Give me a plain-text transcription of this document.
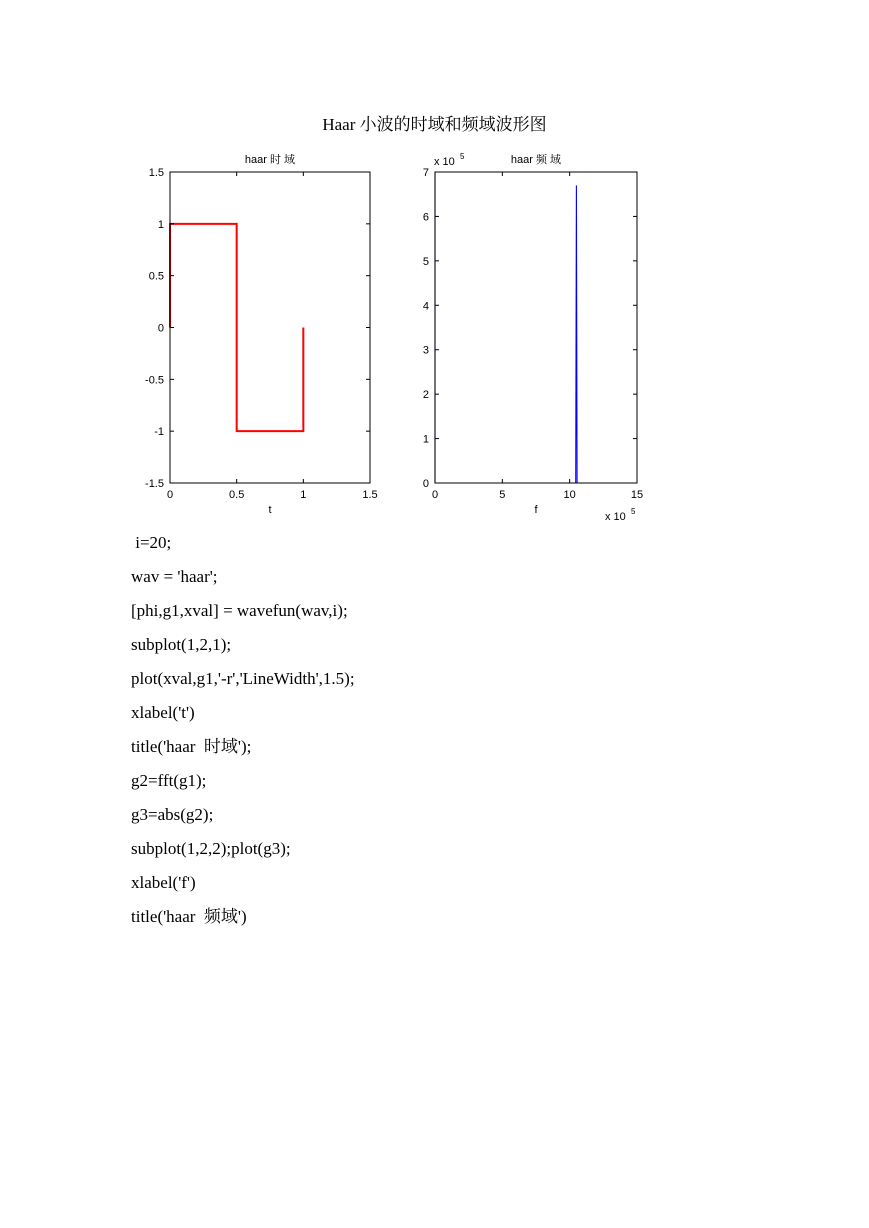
Haar 小波的时域和频域波形图
0	0.5	1	1.5
-1.5
-1
-0.5
0
0.5
1
1.5
haar 时 域
t
0	5	10	15
0
1
2
3
4
5
6
7
haar 频 域
f
x 10 5
x 10 5
i=20;
wav = 'haar';
[phi,g1,xval] = wavefun(wav,i);
subplot(1,2,1);
plot(xval,g1,'-r','LineWidth',1.5);
xlabel('t')
title('haar  时域');
g2=fft(g1);
g3=abs(g2);
subplot(1,2,2);plot(g3);
xlabel('f')
title('haar  频域')
